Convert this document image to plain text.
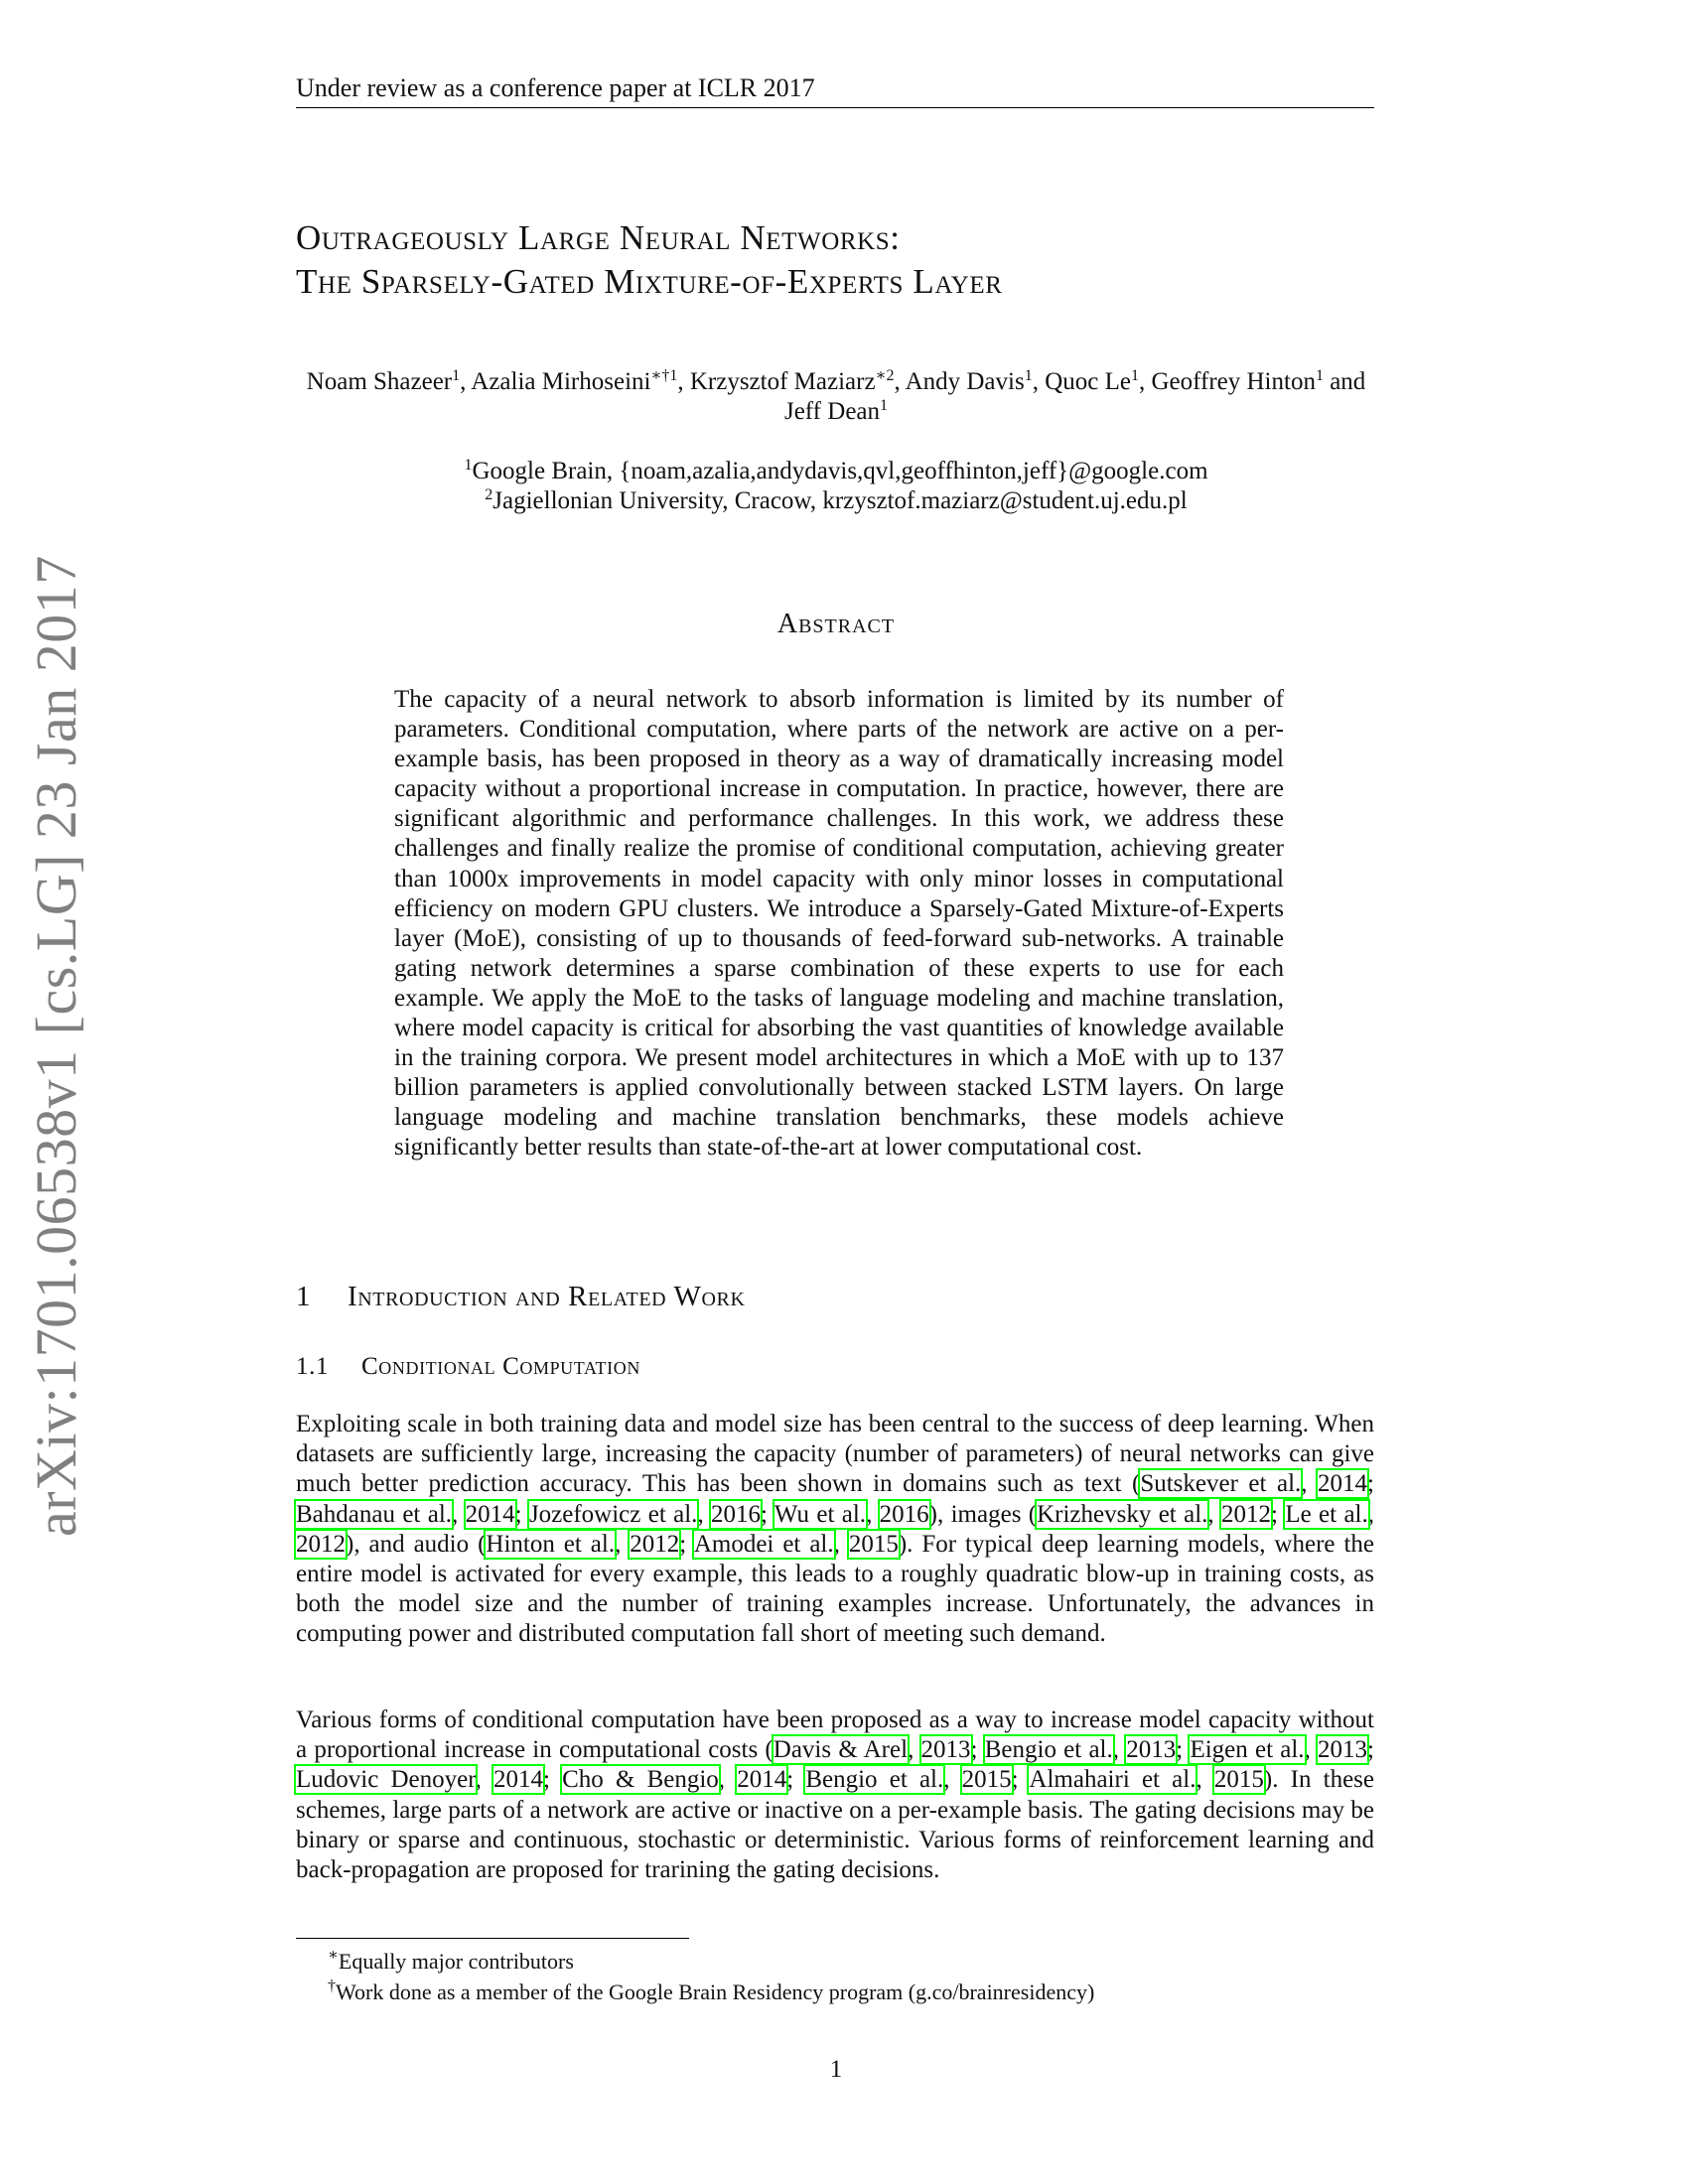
Under review as a conference paper at ICLR 2017
arXiv:1701.06538v1 [cs.LG] 23 Jan 2017
Outrageously Large Neural Networks:
The Sparsely-Gated Mixture-of-Experts Layer
Noam Shazeer$^1$, Azalia Mirhoseini$^{∗\dagger 1}$, Krzysztof Maziarz$^{∗2}$, Andy Davis$^1$, Quoc Le$^1$, Geoffrey Hinton$^1$ and Jeff Dean$^1$
$^1$Google Brain, {noam,azalia,andydavis,qvl,geoffhinton,jeff}@google.com
$^2$Jagiellonian University, Cracow, krzysztof.maziarz@student.uj.edu.pl
Abstract
The capacity of a neural network to absorb information is limited by its number of parameters. Conditional computation, where parts of the network are active on a per-example basis, has been proposed in theory as a way of dramatically increasing model capacity without a proportional increase in computation. In practice, however, there are significant algorithmic and performance challenges. In this work, we address these challenges and finally realize the promise of conditional computation, achieving greater than 1000x improvements in model capacity with only minor losses in computational efficiency on modern GPU clusters. We introduce a Sparsely-Gated Mixture-of-Experts layer (MoE), consisting of up to thousands of feed-forward sub-networks. A trainable gating network determines a sparse combination of these experts to use for each example. We apply the MoE to the tasks of language modeling and machine translation, where model capacity is critical for absorbing the vast quantities of knowledge available in the training corpora. We present model architectures in which a MoE with up to 137 billion parameters is applied convolutionally between stacked LSTM layers. On large language modeling and machine translation benchmarks, these models achieve significantly better results than state-of-the-art at lower computational cost.
1 Introduction and Related Work
1.1 Conditional Computation
Exploiting scale in both training data and model size has been central to the success of deep learning. When datasets are sufficiently large, increasing the capacity (number of parameters) of neural networks can give much better prediction accuracy. This has been shown in domains such as text (Sutskever et al., 2014; Bahdanau et al., 2014; Jozefowicz et al., 2016; Wu et al., 2016), images (Krizhevsky et al., 2012; Le et al., 2012), and audio (Hinton et al., 2012; Amodei et al., 2015). For typical deep learning models, where the entire model is activated for every example, this leads to a roughly quadratic blow-up in training costs, as both the model size and the number of training examples increase. Unfortunately, the advances in computing power and distributed computation fall short of meeting such demand.
Various forms of conditional computation have been proposed as a way to increase model capacity without a proportional increase in computational costs (Davis & Arel, 2013; Bengio et al., 2013; Eigen et al., 2013; Ludovic Denoyer, 2014; Cho & Bengio, 2014; Bengio et al., 2015; Almahairi et al., 2015). In these schemes, large parts of a network are active or inactive on a per-example basis. The gating decisions may be binary or sparse and continuous, stochastic or deterministic. Various forms of reinforcement learning and back-propagation are proposed for trarining the gating decisions.
∗Equally major contributors
†Work done as a member of the Google Brain Residency program (g.co/brainresidency)
1
